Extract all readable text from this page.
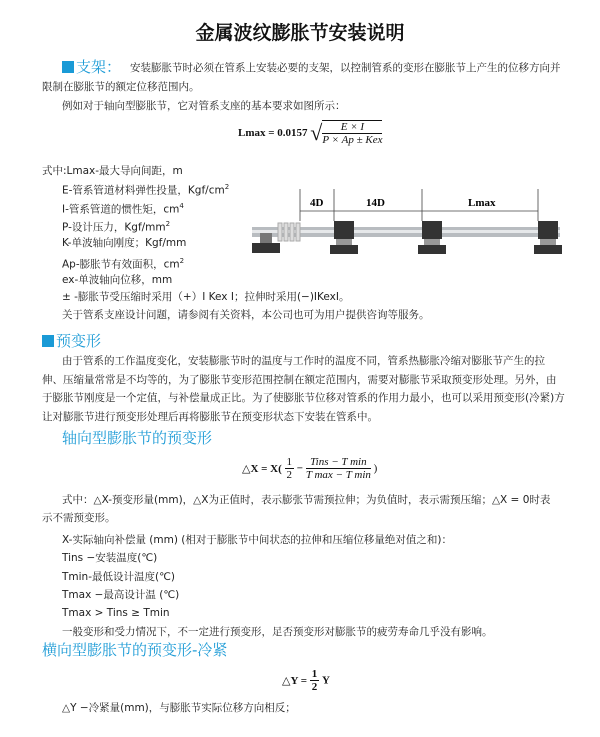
金属波纹膨胀节安装说明
支架： 安装膨胀节时必须在管系上安装必要的支架，以控制管系的变形在膨胀节上产生的位移方向并
限制在膨胀节的额定位移范围内。
例如对于轴向型膨胀节，它对管系支座的基本要求如图所示：
Lmax = 0.0157 √ $\frac{E \times I}{\text{P × Ap ± Kex}}$
式中:Lmax-最大导向间距，m
E-管系管道材料弹性投量，Kgf/$cm^2$
I-管系管道的惯性矩，$cm^4$
P-设计压力，Kgf/$mm^2$
K-单波轴向刚度；Kgf/mm
Ap-膨胀节有效面积，$cm^2$
ex-单波轴向位移，mm
± -膨胀节受压缩时采用（+）I Kex I；拉伸时采用(−)IKexI。
关于管系支座设计问题，请参阅有关资料，本公司也可为用户提供咨询等服务。
4D	14D	Lmax
预变形
由于管系的工作温度变化，安装膨胀节时的温度与工作时的温度不同，管系热膨胀冷缩对膨胀节产生的拉
伸、压缩量常常是不均等的，为了膨胀节变形范围控制在额定范围内，需要对膨胀节采取预变形处理。另外，由
于膨胀节刚度是一个定值，与补偿量成正比。为了使膨胀节位移对管系的作用力最小，也可以采用预变形(冷紧)方
让对膨胀节进行预变形处理后再将膨胀节在预变形状态下安装在管系中。
轴向型膨胀节的预变形
△X = $X( \frac{1}{2} - \frac{\text{Tins − T min}}{\text{T max − T min}}$ )
式中：△X-预变形量(mm)，△X为正值时，表示膨张节需预拉伸；为负值时，表示需预压缩；△X = 0时表
示不需预变形。
X-实际轴向补偿量 (mm) (相对于膨胀节中间状态的拉伸和压缩位移量绝对值之和)：
Tins −安装温度(℃)
Tmin-最低设计温度(℃)
Tmax −最高设计温 (℃)
Tmax > Tins ≥ Tmin
一般变形和受力情况下，不一定进行预变形，足否预变形对膨胀节的疲劳寿命几乎没有影响。
横向型膨胀节的预变形-冷紧
△Y = $\frac{1}{2}$ Y
△Y −冷紧量(mm)，与膨胀节实际位移方向相反；
